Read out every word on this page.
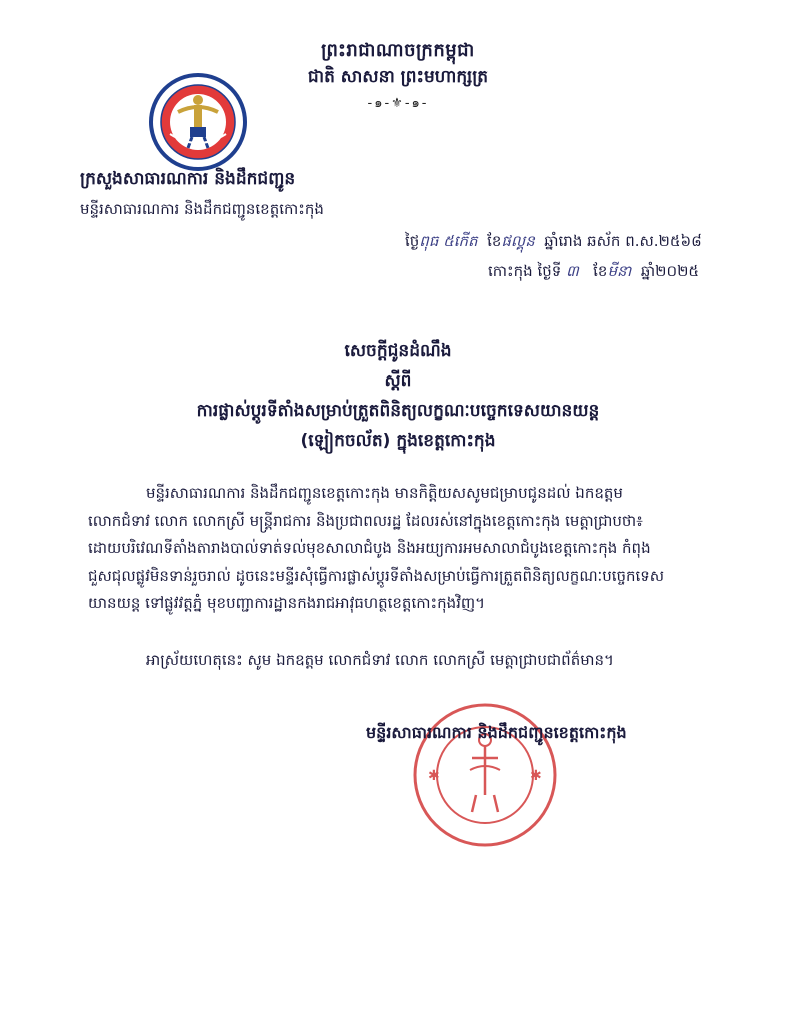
ព្រះរាជាណាចក្រកម្ពុជា
ជាតិ សាសនា ព្រះមហាក្សត្រ
-๑-⚜-๑-
ក្រសួងសាធារណការ និងដឹកជញ្ជូន
មន្ទីរសាធារណការ និងដឹកជញ្ជូនខេត្តកោះកុង
ថ្ងៃពុធ ៥កើត ខែផល្គុន ឆ្នាំរោង ឆស័ក ព.ស.២៥៦៨
កោះកុង ថ្ងៃទី ៣ ខែមីនា ឆ្នាំ២០២៥
សេចក្តីជូនដំណឹង
ស្តីពី
ការផ្លាស់ប្តូរទីតាំងសម្រាប់ត្រួតពិនិត្យលក្ខណៈបច្ចេកទេសយានយន្ត
(ឡៀកចល័ត) ក្នុងខេត្តកោះកុង
មន្ទីរសាធារណការ និងដឹកជញ្ជូនខេត្តកោះកុង មានកិត្តិយសសូមជម្រាបជូនដល់ ឯកឧត្តម
លោកជំទាវ លោក លោកស្រី មន្ត្រីរាជការ និងប្រជាពលរដ្ឋ ដែលរស់នៅក្នុងខេត្តកោះកុង មេត្តាជ្រាបថា៖
ដោយបរិវេណទីតាំងតារាងបាល់ទាត់ទល់មុខសាលាជំបូង និងអយ្យការអមសាលាជំបូងខេត្តកោះកុង កំពុង
ជួសជុលផ្លូវមិនទាន់រួចរាល់ ដូចនេះមន្ទីរសុំធ្វើការផ្លាស់ប្តូរទីតាំងសម្រាប់ធ្វើការត្រួតពិនិត្យលក្ខណៈបច្ចេកទេស
យានយន្ត ទៅផ្លូវវត្តភ្នំ មុខបញ្ជាការដ្ឋានកងរាជអាវុធហត្ថខេត្តកោះកុងវិញ។
អាស្រ័យហេតុនេះ សូម ឯកឧត្តម លោកជំទាវ លោក លោកស្រី មេត្តាជ្រាបជាព័ត៌មាន។
✱
✱
មន្ទីរសាធារណការ និងដឹកជញ្ជូនខេត្តកោះកុង
